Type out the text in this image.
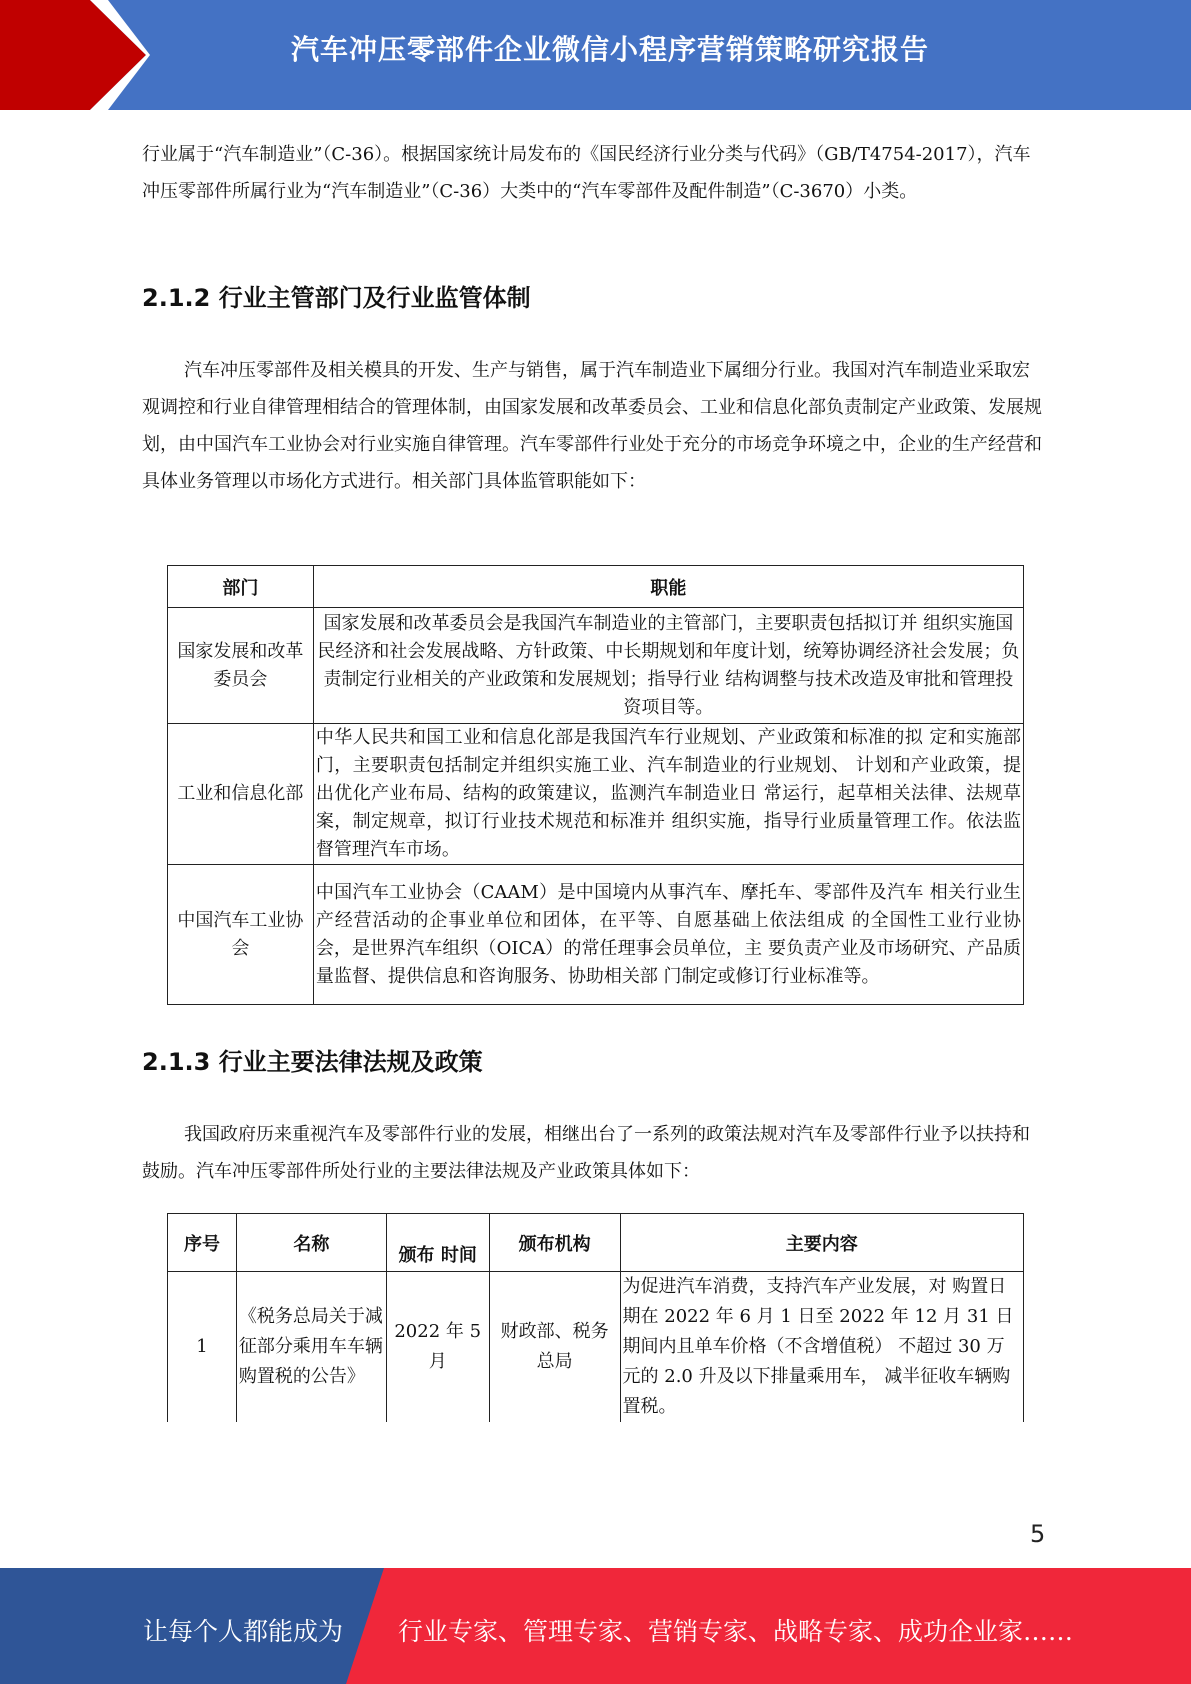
汽车冲压零部件企业微信小程序营销策略研究报告

行业属于“汽车制造业”（C-36）。根据国家统计局发布的《国民经济行业分类与代码》（GB/T4754-2017），汽车冲压零部件所属行业为“汽车制造业”（C-36）大类中的“汽车零部件及配件制造”（C-3670）小类。

2.1.2 行业主管部门及行业监管体制

汽车冲压零部件及相关模具的开发、生产与销售，属于汽车制造业下属细分行业。我国对汽车制造业采取宏观调控和行业自律管理相结合的管理体制，由国家发展和改革委员会、工业和信息化部负责制定产业政策、发展规划，由中国汽车工业协会对行业实施自律管理。汽车零部件行业处于充分的市场竞争环境之中，企业的生产经营和具体业务管理以市场化方式进行。相关部门具体监管职能如下：

部门	职能
国家发展和改革委员会	国家发展和改革委员会是我国汽车制造业的主管部门，主要职责包括拟订并 组织实施国民经济和社会发展战略、方针政策、中长期规划和年度计划，统筹协调经济社会发展；负责制定行业相关的产业政策和发展规划；指导行业 结构调整与技术改造及审批和管理投资项目等。
工业和信息化部	中华人民共和国工业和信息化部是我国汽车行业规划、产业政策和标准的拟 定和实施部门，主要职责包括制定并组织实施工业、汽车制造业的行业规划、 计划和产业政策，提出优化产业布局、结构的政策建议，监测汽车制造业日 常运行，起草相关法律、法规草案，制定规章，拟订行业技术规范和标准并 组织实施，指导行业质量管理工作。依法监督管理汽车市场。
中国汽车工业协会	中国汽车工业协会（CAAM）是中国境内从事汽车、摩托车、零部件及汽车 相关行业生产经营活动的企事业单位和团体，在平等、自愿基础上依法组成 的全国性工业行业协会，是世界汽车组织（OICA）的常任理事会员单位，主 要负责产业及市场研究、产品质量监督、提供信息和咨询服务、协助相关部 门制定或修订行业标准等。
2.1.3 行业主要法律法规及政策

我国政府历来重视汽车及零部件行业的发展，相继出台了一系列的政策法规对汽车及零部件行业予以扶持和鼓励。汽车冲压零部件所处行业的主要法律法规及产业政策具体如下：

序号	名称	颁布 时间	颁布机构	主要内容
1	《税务总局关于减征部分乘用车车辆购置税的公告》	2022 年 5 月	财政部、税务总局	为促进汽车消费，支持汽车产业发展，对 购置日期在 2022 年 6 月 1 日至 2022 年 12 月 31 日期间内且单车价格（不含增值税） 不超过 30 万元的 2.0 升及以下排量乘用车， 减半征收车辆购置税。
5
让每个人都能成为 行业专家、管理专家、营销专家、战略专家、成功企业家……
